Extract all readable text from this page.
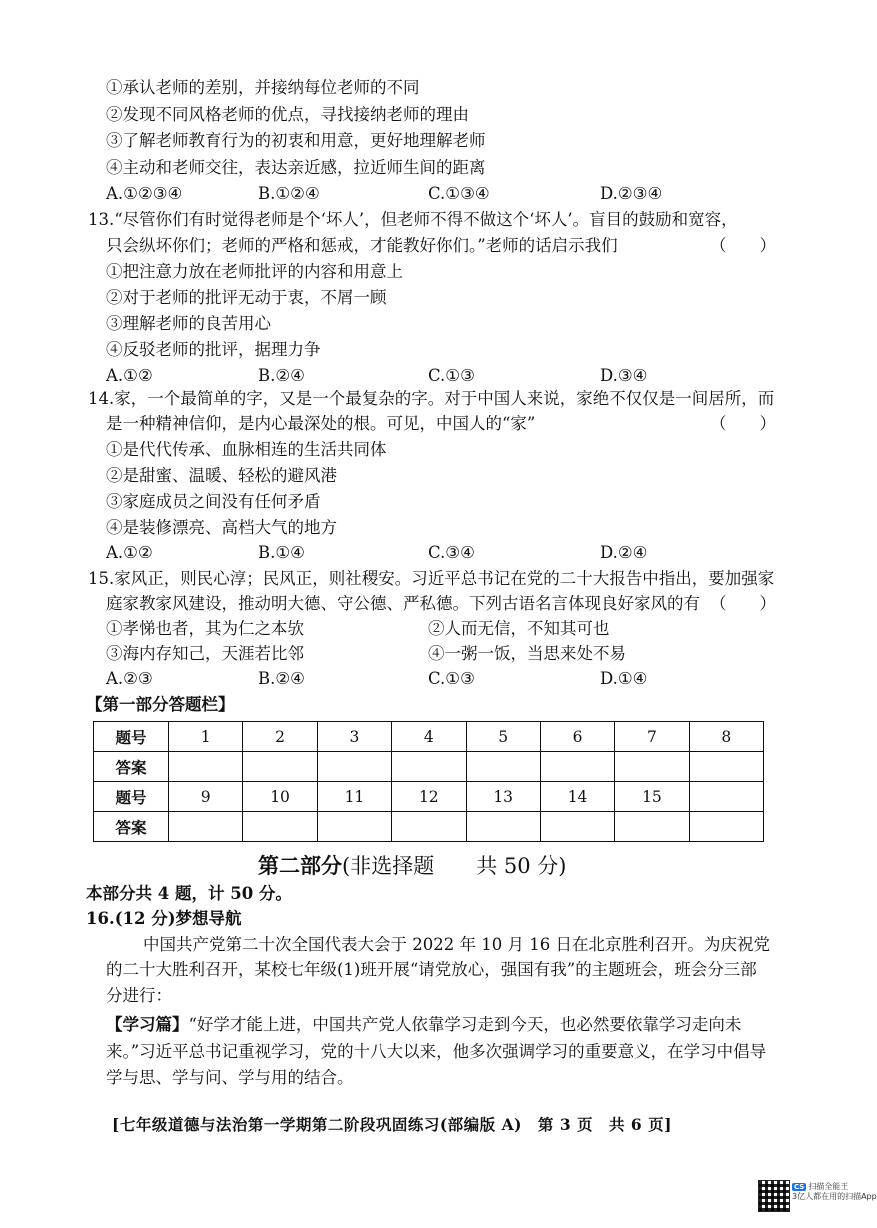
①承认老师的差别，并接纳每位老师的不同
②发现不同风格老师的优点，寻找接纳老师的理由
③了解老师教育行为的初衷和用意，更好地理解老师
④主动和老师交往，表达亲近感，拉近师生间的距离
A.①②③④	B.①②④	C.①③④	D.②③④
13.“尽管你们有时觉得老师是个‘坏人’，但老师不得不做这个‘坏人’。盲目的鼓励和宽容，
只会纵坏你们；老师的严格和惩戒，才能教好你们。”老师的话启示我们	（　　）
①把注意力放在老师批评的内容和用意上
②对于老师的批评无动于衷，不屑一顾
③理解老师的良苦用心
④反驳老师的批评，据理力争
A.①②	B.②④	C.①③	D.③④
14.家，一个最简单的字，又是一个最复杂的字。对于中国人来说，家绝不仅仅是一间居所，而
是一种精神信仰，是内心最深处的根。可见，中国人的“家”	（　　）
①是代代传承、血脉相连的生活共同体
②是甜蜜、温暖、轻松的避风港
③家庭成员之间没有任何矛盾
④是装修漂亮、高档大气的地方
A.①②	B.①④	C.③④	D.②④
15.家风正，则民心淳；民风正，则社稷安。习近平总书记在党的二十大报告中指出，要加强家
庭家教家风建设，推动明大德、守公德、严私德。下列古语名言体现良好家风的有 （　　）
①孝悌也者，其为仁之本欤	②人而无信，不知其可也
③海内存知己，天涯若比邻	④一粥一饭，当思来处不易
A.②③	B.②④	C.①③	D.①④
【第一部分答题栏】
题号	1	2	3	4	5	6	7	8
答案								
题号	9	10	11	12	13	14	15	
答案								
第二部分(非选择题　　共 50 分)
本部分共 4 题，计 50 分。
16.(12 分)梦想导航
中国共产党第二十次全国代表大会于 2022 年 10 月 16 日在北京胜利召开。为庆祝党
的二十大胜利召开，某校七年级(1)班开展“请党放心，强国有我”的主题班会，班会分三部
分进行：
【学习篇】“好学才能上进，中国共产党人依靠学习走到今天，也必然要依靠学习走向未
来。”习近平总书记重视学习，党的十八大以来，他多次强调学习的重要意义，在学习中倡导
学与思、学与问、学与用的结合。
[七年级道德与法治第一学期第二阶段巩固练习(部编版 A)　第 3 页　共 6 页]
CS 扫描全能王
3亿人都在用的扫描App
